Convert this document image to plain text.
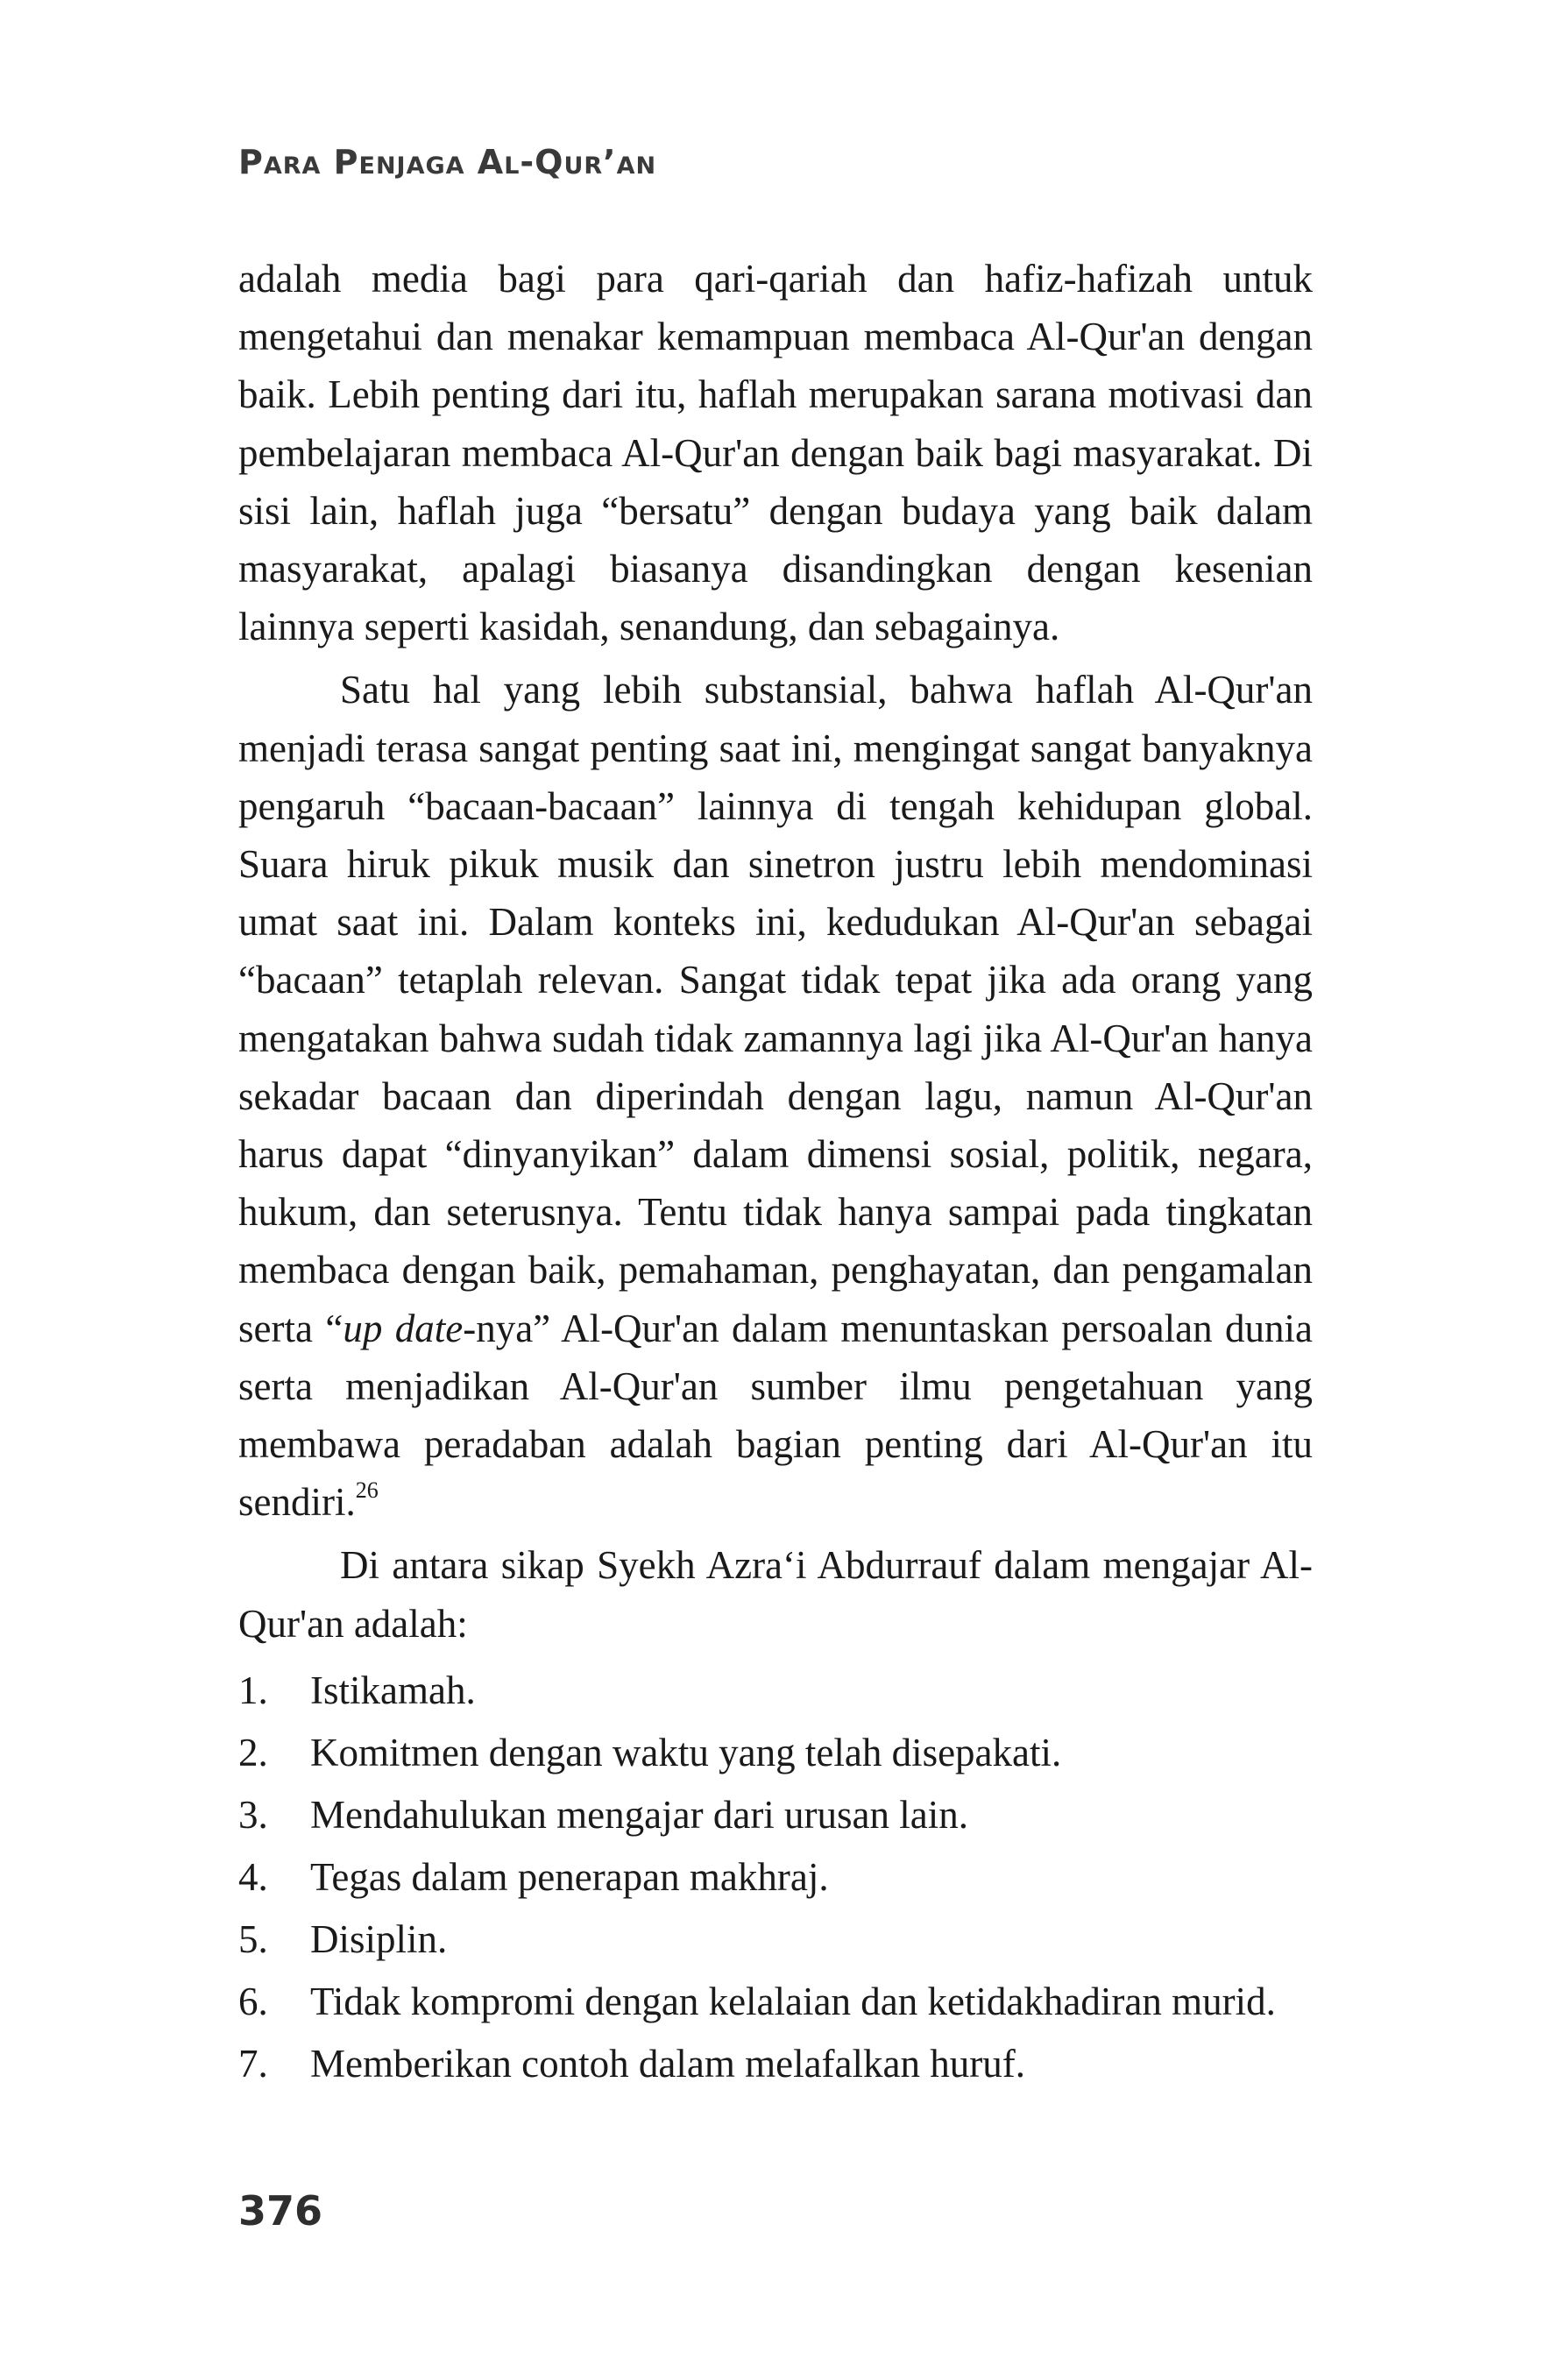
Para Penjaga Al-Qur’an

adalah media bagi para qari-qariah dan hafiz-hafizah untuk mengetahui dan menakar kemampuan membaca Al-Qur'an dengan baik. Lebih penting dari itu, haflah merupakan sarana motivasi dan pembelajaran membaca Al-Qur'an dengan baik bagi masyarakat. Di sisi lain, haflah juga “bersatu” dengan budaya yang baik dalam masyarakat, apalagi biasanya disandingkan dengan kesenian lainnya seperti kasidah, senandung, dan sebagainya.

Satu hal yang lebih substansial, bahwa haflah Al-Qur'an menjadi terasa sangat penting saat ini, mengingat sangat banyaknya pengaruh “bacaan-bacaan” lainnya di tengah kehidupan global. Suara hiruk pikuk musik dan sinetron justru lebih mendominasi umat saat ini. Dalam konteks ini, kedudukan Al-Qur'an sebagai “bacaan” tetaplah relevan. Sangat tidak tepat jika ada orang yang mengatakan bahwa sudah tidak zamannya lagi jika Al-Qur'an hanya sekadar bacaan dan diperindah dengan lagu, namun Al-Qur'an harus dapat “dinyanyikan” dalam dimensi sosial, politik, negara, hukum, dan seterusnya. Tentu tidak hanya sampai pada tingkatan membaca dengan baik, pemahaman, penghayatan, dan pengamalan serta “up date-nya” Al-Qur'an dalam menuntaskan persoalan dunia serta menjadikan Al-Qur'an sumber ilmu pengetahuan yang membawa peradaban adalah bagian penting dari Al-Qur'an itu sendiri.$^{26}$

Di antara sikap Syekh Azra‘i Abdurrauf dalam mengajar Al-Qur'an adalah:

1.	Istikamah.
2.	Komitmen dengan waktu yang telah disepakati.
3.	Mendahulukan mengajar dari urusan lain.
4.	Tegas dalam penerapan makhraj.
5.	Disiplin.
6.	Tidak kompromi dengan kelalaian dan ketidakhadiran murid.
7.	Memberikan contoh dalam melafalkan huruf.
376
